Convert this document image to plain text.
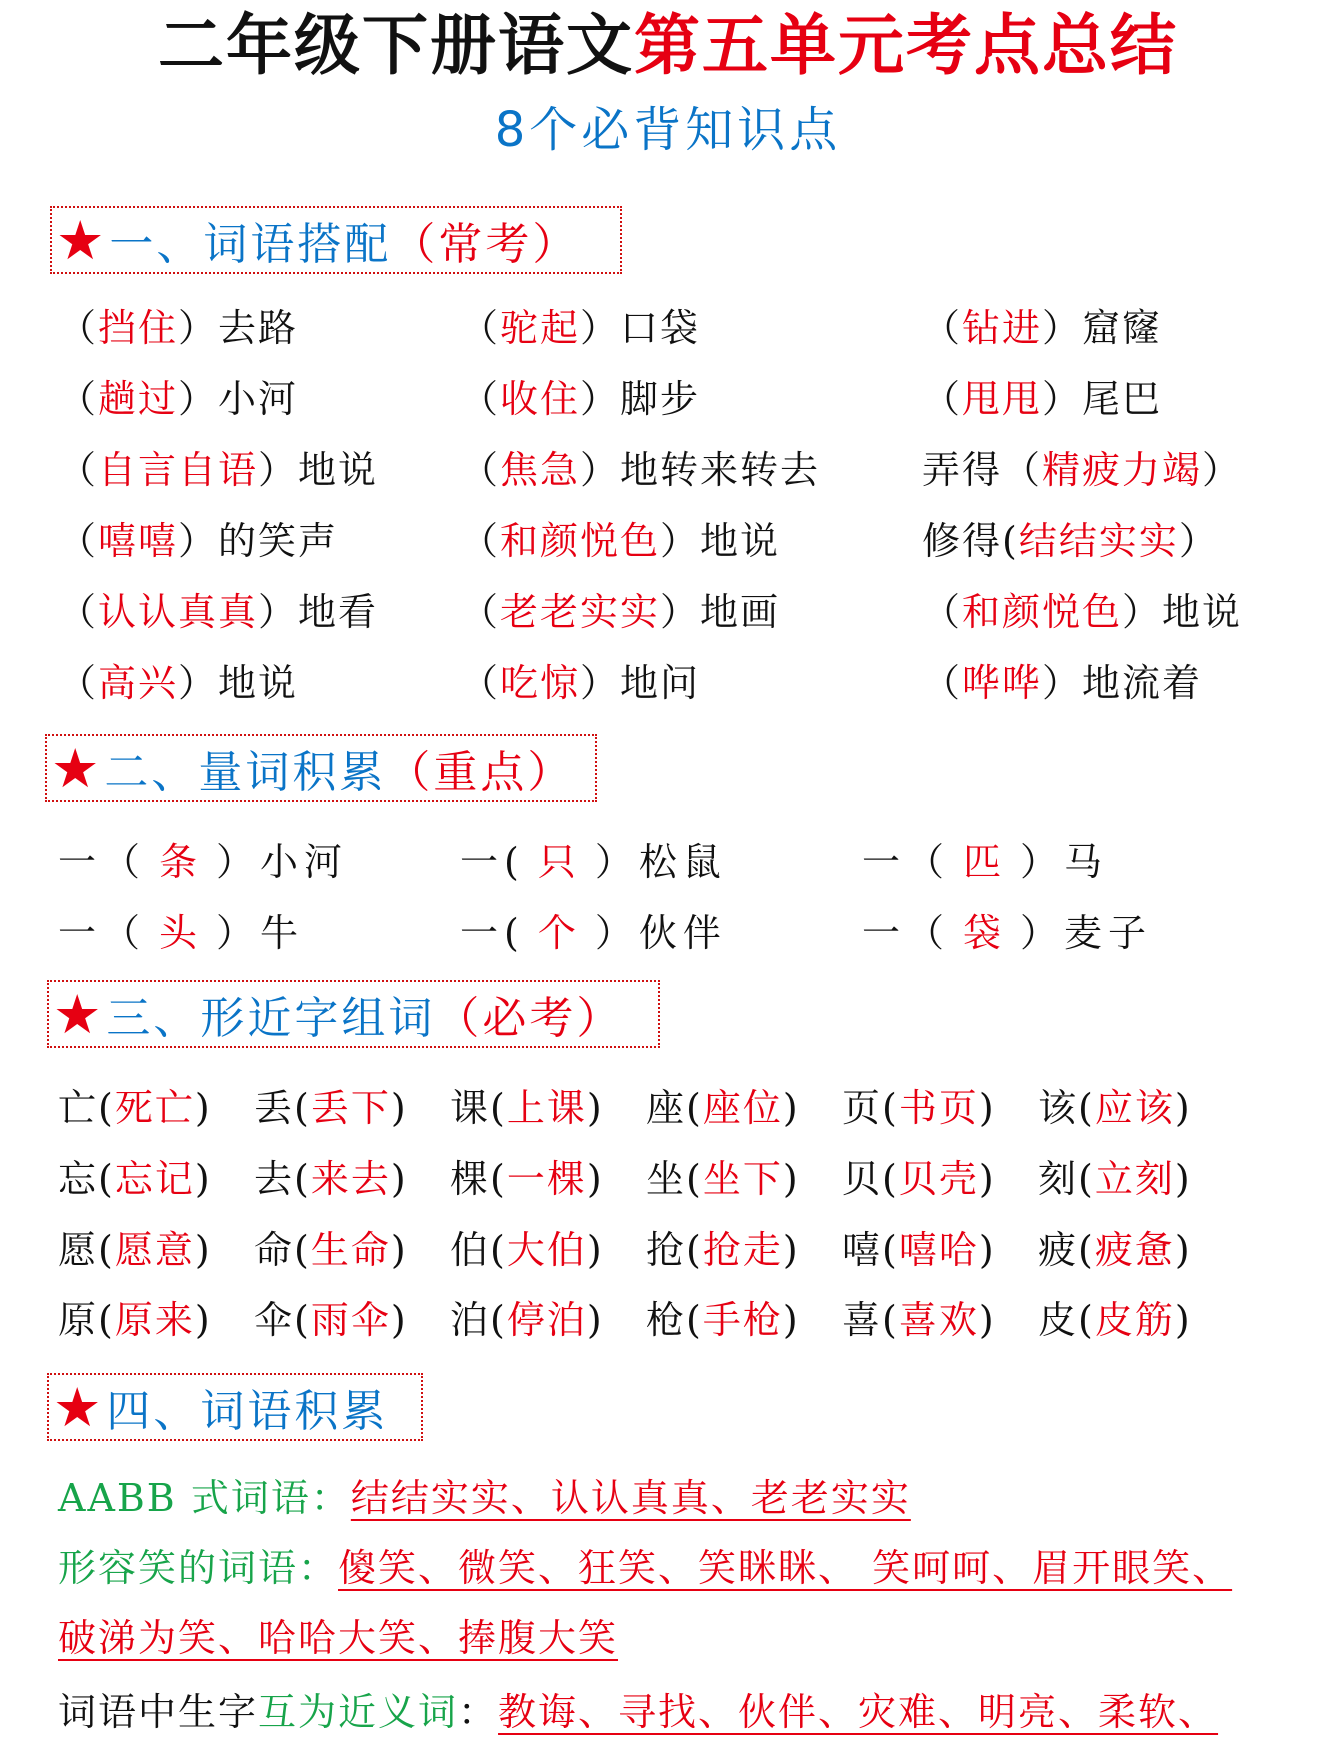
二年级下册语文第五单元考点总结
8个必背知识点
★ 一、词语搭配 （常考）
（挡住）去路	（驼起）口袋	（钻进）窟窿
（趟过）小河	（收住）脚步	（甩甩）尾巴
（自言自语）地说 （焦急）地转来转去	弄得（精疲力竭）
（嘻嘻）的笑声	（和颜悦色）地说	修得(结结实实）
（认认真真）地看 （老老实实）地画	（和颜悦色）地说
（高兴）地说	（吃惊）地问	（哗哗）地流着
★ 二、量词积累 （重点）
一（ 条 ）小河	一( 只 ）松鼠	一（ 匹 ）马
一（ 头 ）牛	一( 个 ）伙伴	一（ 袋 ）麦子
★ 三、形近字组词 （必考）
亡(死亡) 丢(丢下) 课(上课) 座(座位) 页(书页) 该(应该)
忘(忘记) 去(来去) 棵(一棵) 坐(坐下) 贝(贝壳) 刻(立刻)
愿(愿意) 命(生命) 伯(大伯) 抢(抢走) 嘻(嘻哈) 疲(疲惫)
原(原来) 伞(雨伞) 泊(停泊) 枪(手枪) 喜(喜欢) 皮(皮筋)
★ 四、词语积累
AABB 式词语：结结实实、认认真真、老老实实
形容笑的词语：傻笑、微笑、狂笑、笑眯眯、 笑呵呵、眉开眼笑、
破涕为笑、哈哈大笑、捧腹大笑
词语中生字互为近义词：教诲、寻找、伙伴、灾难、明亮、柔软、
